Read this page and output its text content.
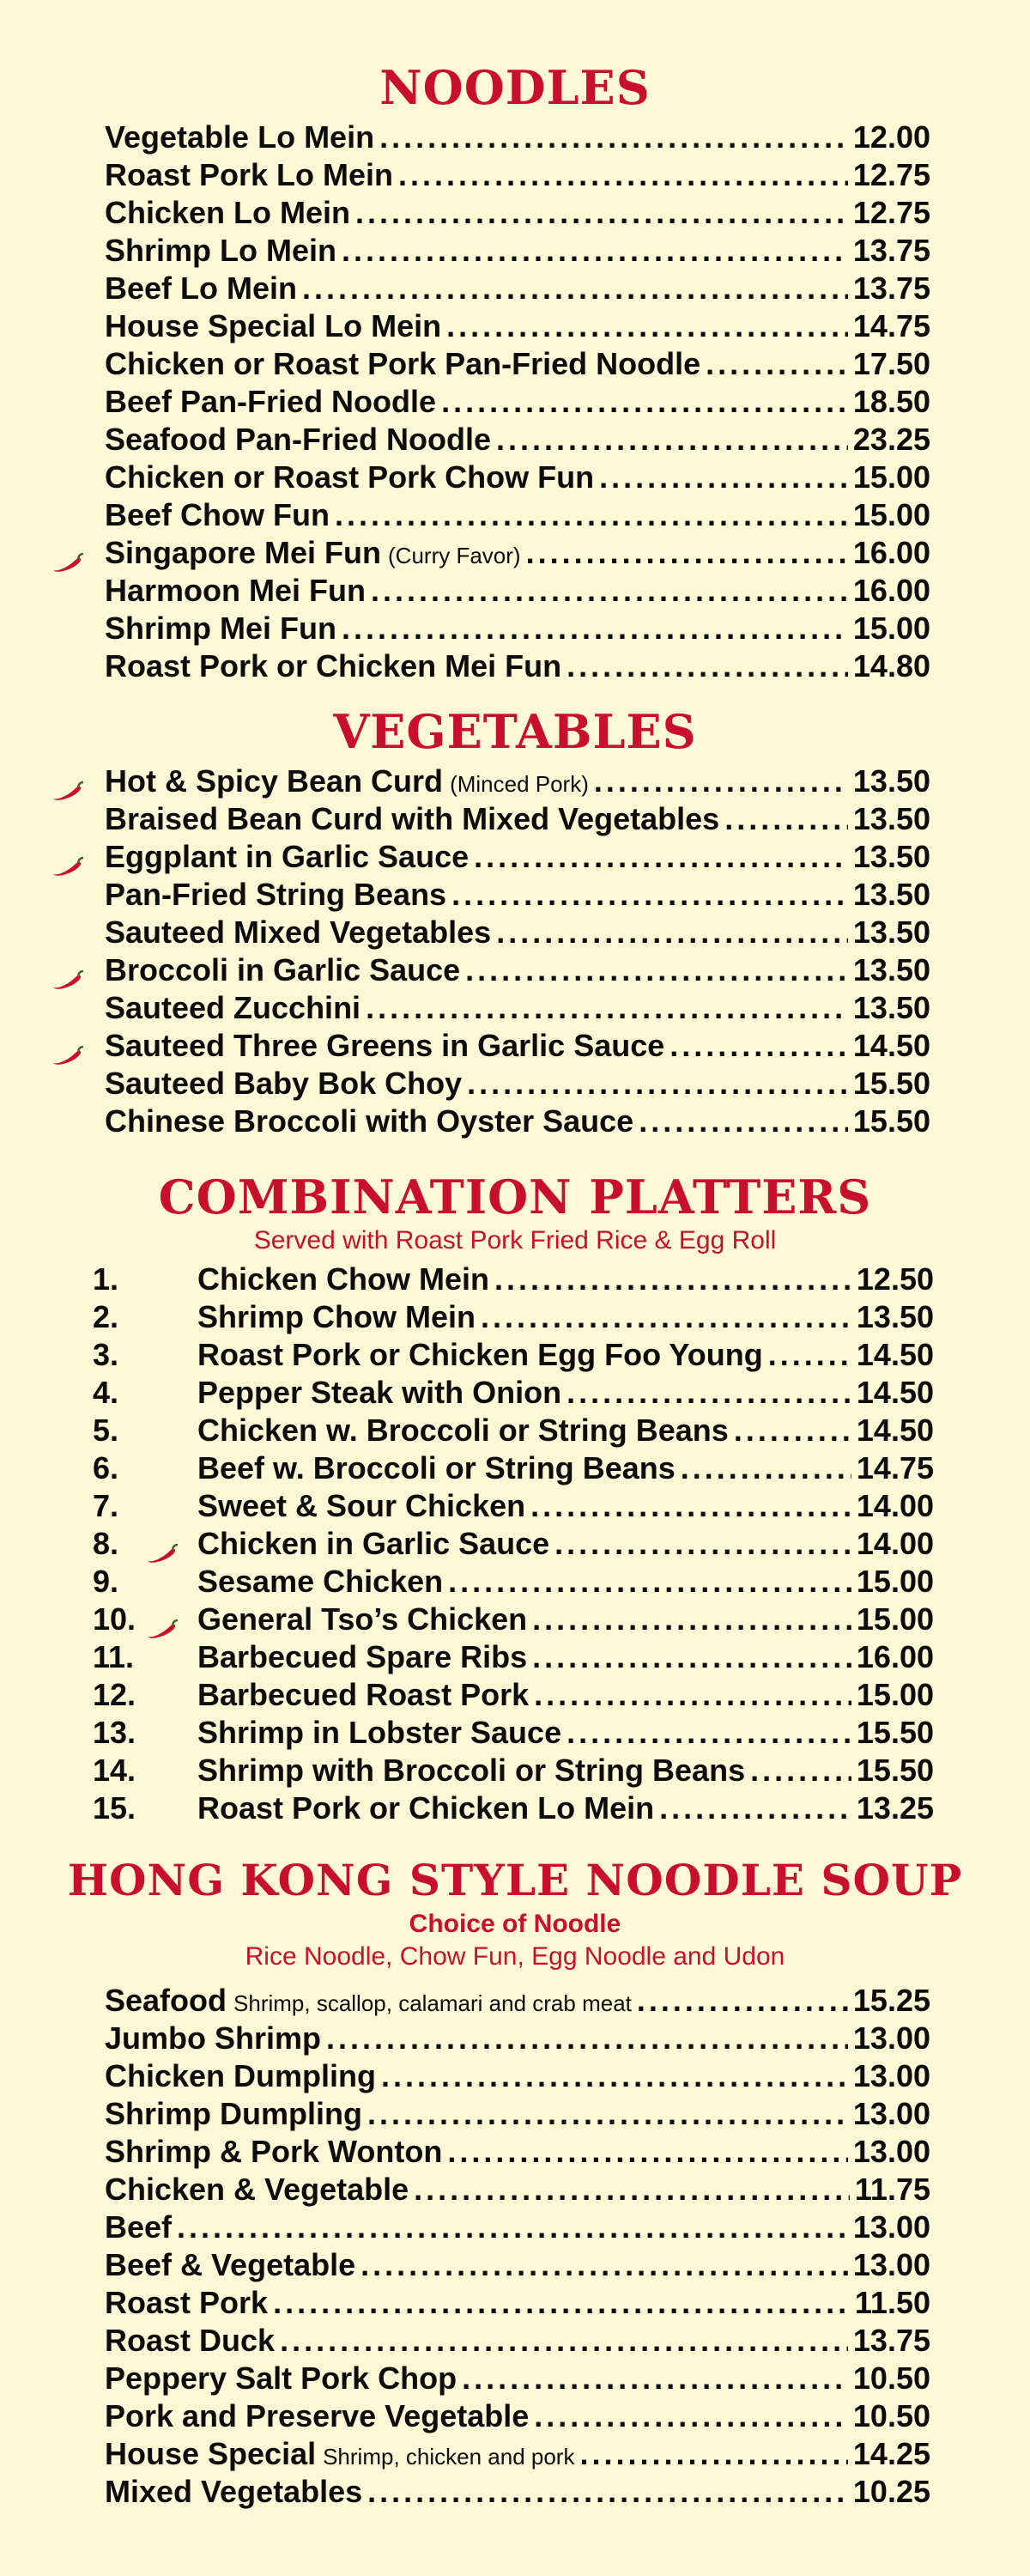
NOODLES
Vegetable Lo Mein .....	12.00
Roast Pork Lo Mein .....	12.75
Chicken Lo Mein .....	12.75
Shrimp Lo Mein .....	13.75
Beef Lo Mein .....	13.75
House Special Lo Mein .....	14.75
Chicken or Roast Pork Pan-Fried Noodle .....	17.50
Beef Pan-Fried Noodle .....	18.50
Seafood Pan-Fried Noodle .....	23.25
Chicken or Roast Pork Chow Fun .....	15.00
Beef Chow Fun .....	15.00
Singapore Mei Fun (Curry Favor) .....	16.00
Harmoon Mei Fun .....	16.00
Shrimp Mei Fun .....	15.00
Roast Pork or Chicken Mei Fun .....	14.80
VEGETABLES
Hot & Spicy Bean Curd (Minced Pork) .....	13.50
Braised Bean Curd with Mixed Vegetables .....	13.50
Eggplant in Garlic Sauce .....	13.50
Pan-Fried String Beans .....	13.50
Sauteed Mixed Vegetables .....	13.50
Broccoli in Garlic Sauce .....	13.50
Sauteed Zucchini .....	13.50
Sauteed Three Greens in Garlic Sauce .....	14.50
Sauteed Baby Bok Choy .....	15.50
Chinese Broccoli with Oyster Sauce .....	15.50
COMBINATION PLATTERS
Served with Roast Pork Fried Rice & Egg Roll
1.	Chicken Chow Mein .....	12.50
2.	Shrimp Chow Mein .....	13.50
3.	Roast Pork or Chicken Egg Foo Young .....	14.50
4.	Pepper Steak with Onion .....	14.50
5.	Chicken w. Broccoli or String Beans .....	14.50
6.	Beef w. Broccoli or String Beans .....	14.75
7.	Sweet & Sour Chicken .....	14.00
8.	Chicken in Garlic Sauce .....	14.00
9.	Sesame Chicken .....	15.00
10.	General Tso’s Chicken .....	15.00
11.	Barbecued Spare Ribs .....	16.00
12.	Barbecued Roast Pork .....	15.00
13.	Shrimp in Lobster Sauce .....	15.50
14.	Shrimp with Broccoli or String Beans .....	15.50
15.	Roast Pork or Chicken Lo Mein .....	13.25
HONG KONG STYLE NOODLE SOUP
Choice of Noodle
Rice Noodle, Chow Fun, Egg Noodle and Udon
Seafood Shrimp, scallop, calamari and crab meat .....	15.25
Jumbo Shrimp .....	13.00
Chicken Dumpling .....	13.00
Shrimp Dumpling .....	13.00
Shrimp & Pork Wonton .....	13.00
Chicken & Vegetable .....	11.75
Beef .....	13.00
Beef & Vegetable .....	13.00
Roast Pork .....	11.50
Roast Duck .....	13.75
Peppery Salt Pork Chop .....	10.50
Pork and Preserve Vegetable .....	10.50
House Special Shrimp, chicken and pork .....	14.25
Mixed Vegetables .....	10.25
